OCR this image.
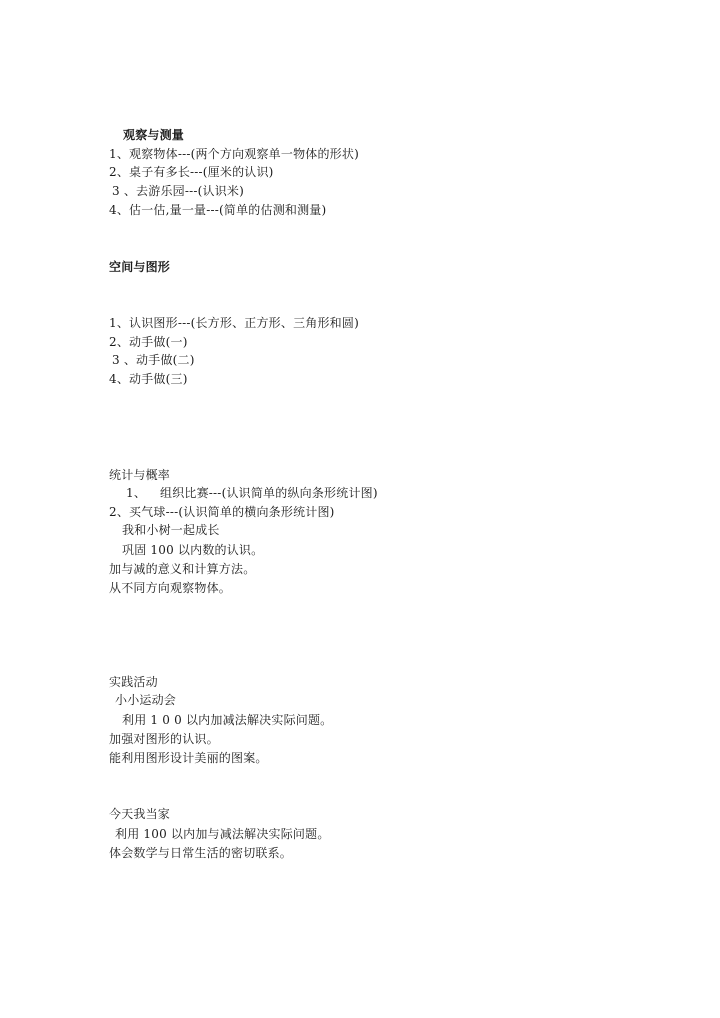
观察与测量
1、观察物体---(两个方向观察单一物体的形状)
2、桌子有多长---(厘米的认识)
3 、去游乐园---(认识米)
4、估一估,量一量---(简单的估测和测量)
空间与图形
1、认识图形---(长方形、正方形、三角形和圆)
2、动手做(一)
3 、动手做(二)
4、动手做(三)
统计与概率
1、 组织比赛---(认识简单的纵向条形统计图)
2、买气球---(认识简单的横向条形统计图)
我和小树一起成长
巩固 100 以内数的认识。
加与减的意义和计算方法。
从不同方向观察物体。
实践活动
小小运动会
利用 1 0 0 以内加减法解决实际问题。
加强对图形的认识。
能利用图形设计美丽的图案。
今天我当家
利用 100 以内加与减法解决实际问题。
体会数学与日常生活的密切联系。
